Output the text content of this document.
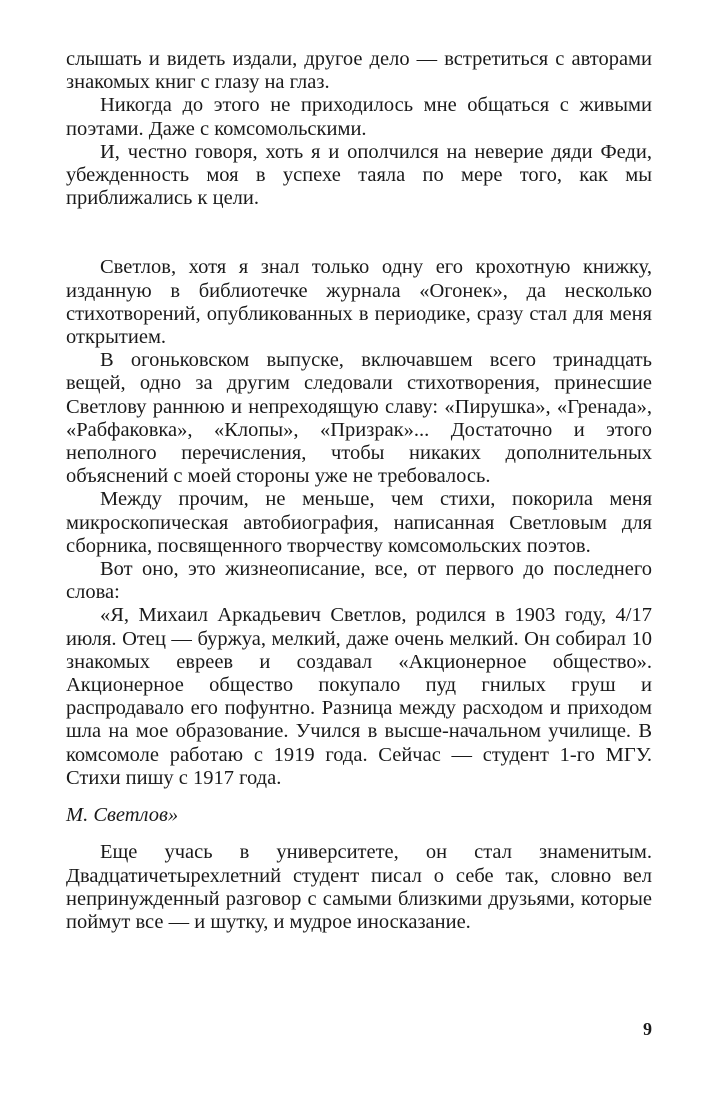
слышать и видеть издали, другое дело — встретиться с авторами знакомых книг с глазу на глаз.

Никогда до этого не приходилось мне общаться с живыми поэтами. Даже с комсомольскими.

И, честно говоря, хоть я и ополчился на неверие дяди Феди, убежденность моя в успехе таяла по мере того, как мы приближались к цели.

Светлов, хотя я знал только одну его крохотную книжку, изданную в библиотечке журнала «Огонек», да несколько стихотворений, опубликованных в периодике, сразу стал для меня открытием.

В огоньковском выпуске, включавшем всего тринадцать вещей, одно за другим следовали стихотворения, принесшие Светлову раннюю и непреходящую славу: «Пирушка», «Гренада», «Рабфаковка», «Клопы», «Призрак»... Достаточно и этого неполного перечисления, чтобы никаких дополнительных объяснений с моей стороны уже не требовалось.

Между прочим, не меньше, чем стихи, покорила меня микроскопическая автобиография, написанная Светловым для сборника, посвященного творчеству комсомольских поэтов.

Вот оно, это жизнеописание, все, от первого до последнего слова:

«Я, Михаил Аркадьевич Светлов, родился в 1903 году, 4/17 июля. Отец — буржуа, мелкий, даже очень мелкий. Он собирал 10 знакомых евреев и создавал «Акционерное общество». Акционерное общество покупало пуд гнилых груш и распродавало его пофунтно. Разница между расходом и приходом шла на мое образование. Учился в высше-начальном училище. В комсомоле работаю с 1919 года. Сейчас — студент 1-го МГУ. Стихи пишу с 1917 года.

М. Светлов»

Еще учась в университете, он стал знаменитым. Двадцатичетырехлетний студент писал о себе так, словно вел непринужденный разговор с самыми близкими друзьями, которые поймут все — и шутку, и мудрое иносказание.

9
